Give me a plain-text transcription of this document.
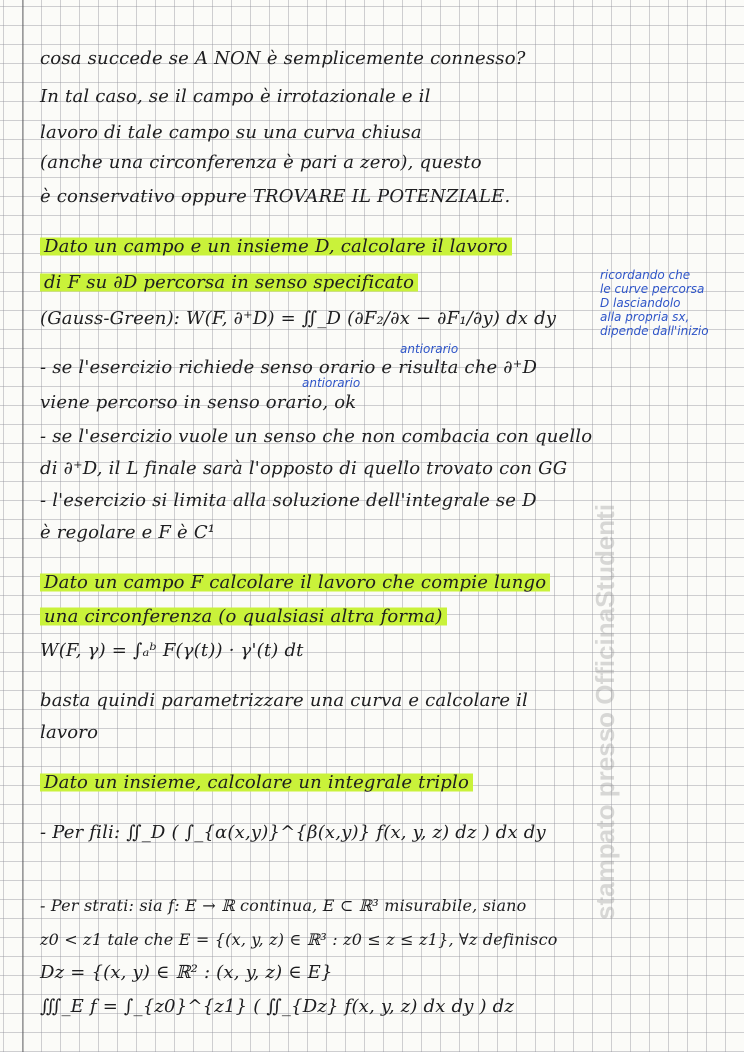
cosa succede se A NON è semplicemente connesso?
In tal caso, se il campo è irrotazionale e il
lavoro di tale campo su una curva chiusa
(anche una circonferenza è pari a zero), questo
è conservativo oppure TROVARE IL POTENZIALE.
Dato un campo e un insieme D, calcolare il lavoro
di F su ∂D percorsa in senso specificato
(Gauss-Green): W(F, ∂⁺D) = ∬_D (∂F₂/∂x − ∂F₁/∂y) dx dy
ricordando che
le curve percorsa
D lasciandolo
alla propria sx,
dipende dall'inizio
antiorario
- se l'esercizio richiede senso orario e risulta che ∂⁺D
antiorario
viene percorso in senso orario, ok
- se l'esercizio vuole un senso che non combacia con quello
di ∂⁺D, il L finale sarà l'opposto di quello trovato con GG
- l'esercizio si limita alla soluzione dell'integrale se D
è regolare e F è C¹
Dato un campo F calcolare il lavoro che compie lungo
una circonferenza (o qualsiasi altra forma)
W(F, γ) = ∫ₐᵇ F(γ(t)) · γ'(t) dt
basta quindi parametrizzare una curva e calcolare il
lavoro
Dato un insieme, calcolare un integrale triplo
- Per fili: ∬_D ( ∫_{α(x,y)}^{β(x,y)} f(x, y, z) dz ) dx dy
- Per strati: sia f: E → ℝ continua, E ⊂ ℝ³ misurabile, siano
z0 < z1 tale che E = {(x, y, z) ∈ ℝ³ : z0 ≤ z ≤ z1}, ∀z definisco
Dz = {(x, y) ∈ ℝ² : (x, y, z) ∈ E}
∭_E f = ∫_{z0}^{z1} ( ∬_{Dz} f(x, y, z) dx dy ) dz
stampato presso OfficinaStudenti
